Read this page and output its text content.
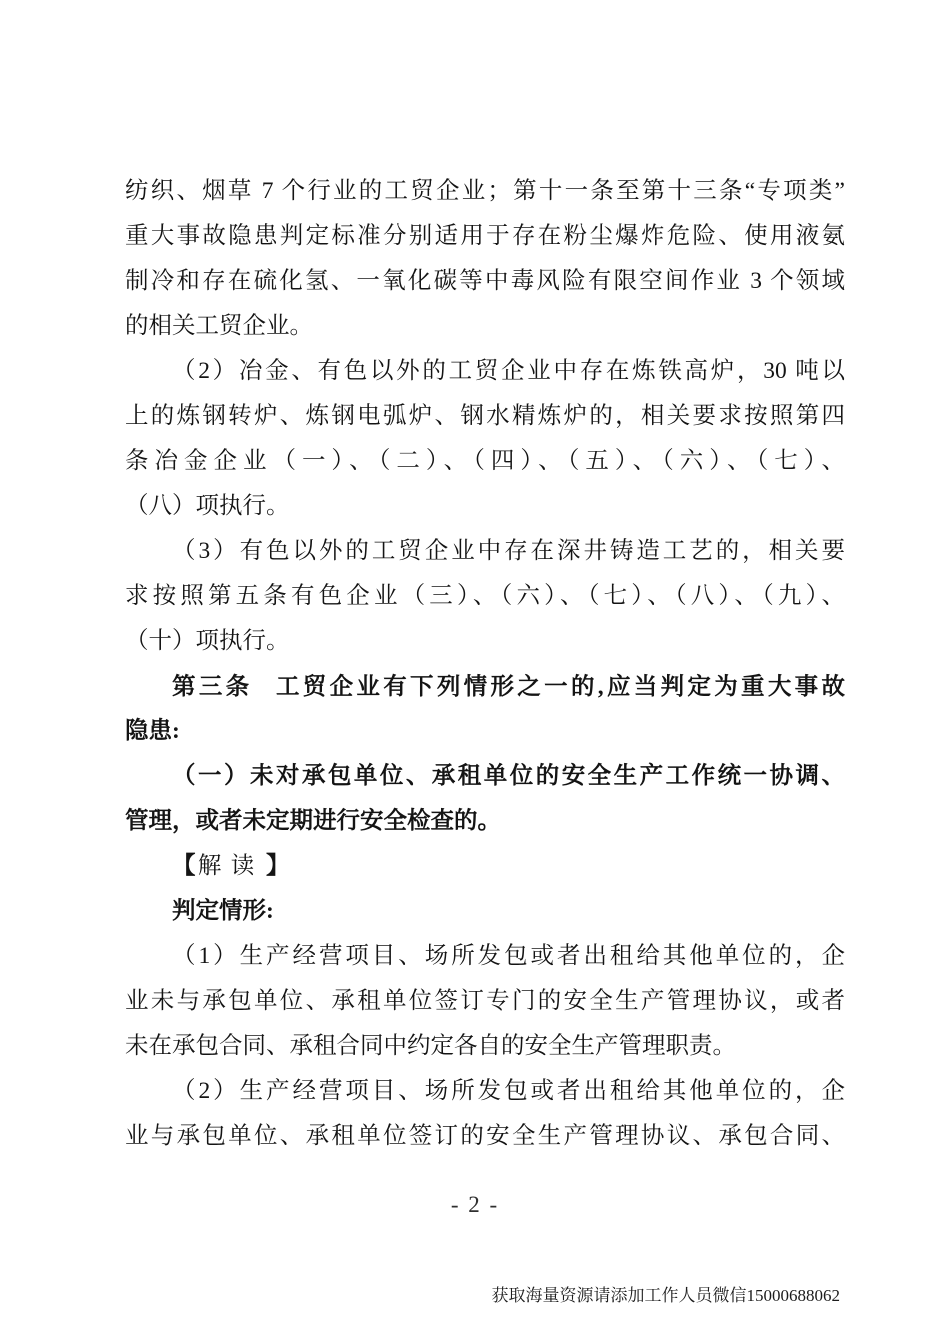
纺织、烟草 7 个行业的工贸企业；第十一条至第十三条“专项类”
重大事故隐患判定标准分别适用于存在粉尘爆炸危险、使用液氨
制冷和存在硫化氢、一氧化碳等中毒风险有限空间作业 3 个领域
的相关工贸企业。
（2）冶金、有色以外的工贸企业中存在炼铁高炉，30 吨以
上的炼钢转炉、炼钢电弧炉、钢水精炼炉的，相关要求按照第四
条冶金企业（一）、（二）、（四）、（五）、（六）、（七）、
（八）项执行。
（3）有色以外的工贸企业中存在深井铸造工艺的，相关要
求按照第五条有色企业（三）、（六）、（七）、（八）、（九）、
（十）项执行。
第三条 工贸企业有下列情形之一的,应当判定为重大事故
隐患:
（一）未对承包单位、承租单位的安全生产工作统一协调、
管理，或者未定期进行安全检查的。
【解读】
判定情形:
（1）生产经营项目、场所发包或者出租给其他单位的，企
业未与承包单位、承租单位签订专门的安全生产管理协议，或者
未在承包合同、承租合同中约定各自的安全生产管理职责。
（2）生产经营项目、场所发包或者出租给其他单位的，企
业与承包单位、承租单位签订的安全生产管理协议、承包合同、
- 2 -
获取海量资源请添加工作人员微信15000688062
